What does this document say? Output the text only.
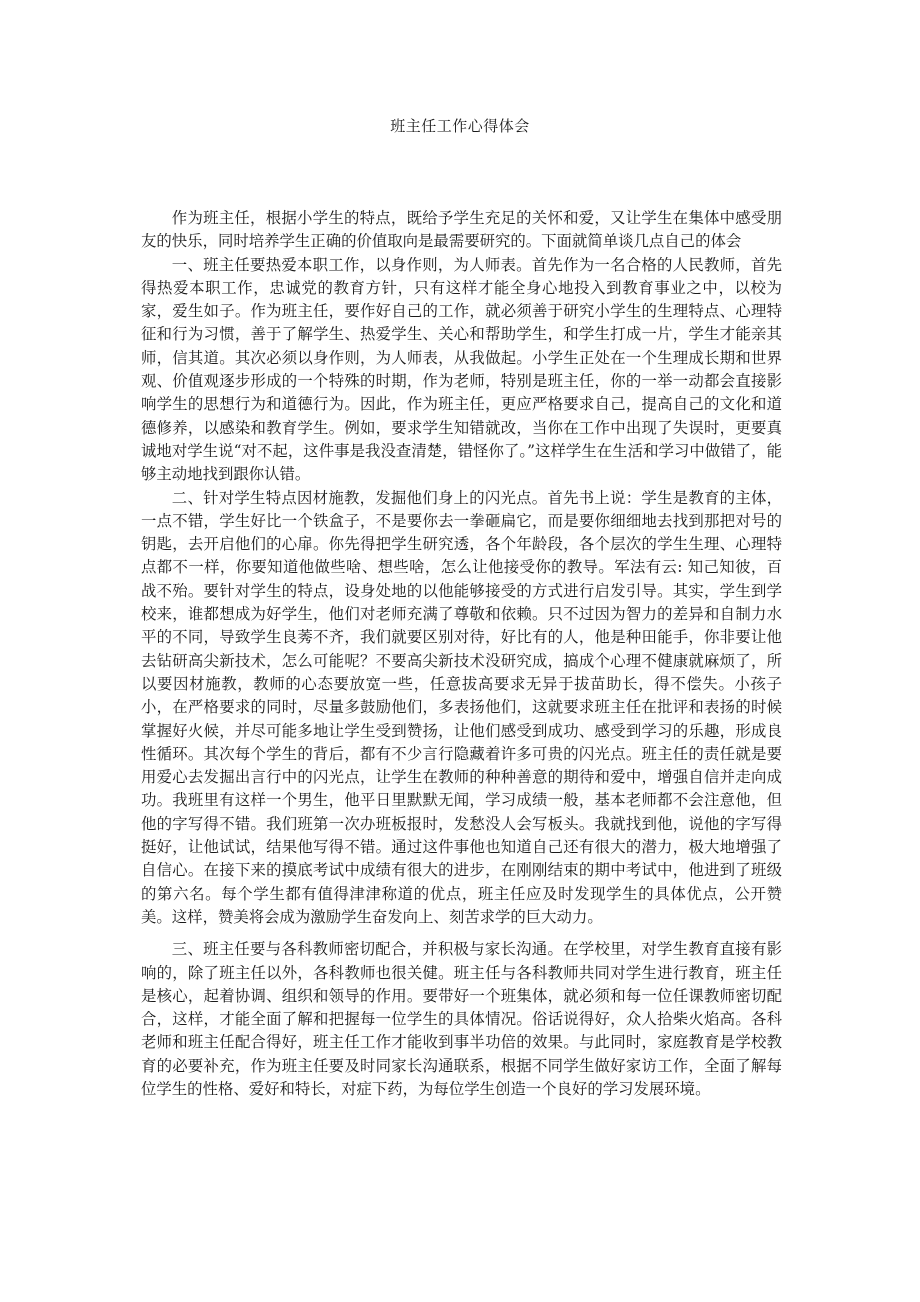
班主任工作心得体会

作为班主任，根据小学生的特点，既给予学生充足的关怀和爱，又让学生在集体中感受朋友的快乐，同时培养学生正确的价值取向是最需要研究的。下面就简单谈几点自己的体会

一、班主任要热爱本职工作，以身作则，为人师表。首先作为一名合格的人民教师，首先得热爱本职工作，忠诚党的教育方针，只有这样才能全身心地投入到教育事业之中，以校为家，爱生如子。作为班主任，要作好自己的工作，就必须善于研究小学生的生理特点、心理特征和行为习惯，善于了解学生、热爱学生、关心和帮助学生，和学生打成一片，学生才能亲其师，信其道。其次必须以身作则，为人师表，从我做起。小学生正处在一个生理成长期和世界观、价值观逐步形成的一个特殊的时期，作为老师，特别是班主任，你的一举一动都会直接影响学生的思想行为和道德行为。因此，作为班主任，更应严格要求自己，提高自己的文化和道德修养，以感染和教育学生。例如，要求学生知错就改，当你在工作中出现了失误时，更要真诚地对学生说“对不起，这件事是我没查清楚，错怪你了。”这样学生在生活和学习中做错了，能够主动地找到跟你认错。

二、针对学生特点因材施教，发掘他们身上的闪光点。首先书上说：学生是教育的主体，一点不错，学生好比一个铁盒子，不是要你去一拳砸扁它，而是要你细细地去找到那把对号的钥匙，去开启他们的心扉。你先得把学生研究透，各个年龄段，各个层次的学生生理、心理特点都不一样，你要知道他做些啥、想些啥，怎么让他接受你的教导。军法有云: 知己知彼，百战不殆。要针对学生的特点，设身处地的以他能够接受的方式进行启发引导。其实，学生到学校来，谁都想成为好学生，他们对老师充满了尊敬和依赖。只不过因为智力的差异和自制力水平的不同，导致学生良莠不齐，我们就要区别对待，好比有的人，他是种田能手，你非要让他去钻研高尖新技术，怎么可能呢？不要高尖新技术没研究成，搞成个心理不健康就麻烦了，所以要因材施教，教师的心态要放宽一些，任意拔高要求无异于拔苗助长，得不偿失。小孩子小，在严格要求的同时，尽量多鼓励他们，多表扬他们，这就要求班主任在批评和表扬的时候掌握好火候，并尽可能多地让学生受到赞扬，让他们感受到成功、感受到学习的乐趣，形成良性循环。其次每个学生的背后，都有不少言行隐藏着许多可贵的闪光点。班主任的责任就是要用爱心去发掘出言行中的闪光点，让学生在教师的种种善意的期待和爱中，增强自信并走向成功。我班里有这样一个男生，他平日里默默无闻，学习成绩一般，基本老师都不会注意他，但他的字写得不错。我们班第一次办班板报时，发愁没人会写板头。我就找到他，说他的字写得挺好，让他试试，结果他写得不错。通过这件事他也知道自己还有很大的潜力，极大地增强了自信心。在接下来的摸底考试中成绩有很大的进步，在刚刚结束的期中考试中，他进到了班级的第六名。每个学生都有值得津津称道的优点，班主任应及时发现学生的具体优点，公开赞美。这样，赞美将会成为激励学生奋发向上、刻苦求学的巨大动力。

三、班主任要与各科教师密切配合，并积极与家长沟通。在学校里，对学生教育直接有影响的，除了班主任以外，各科教师也很关健。班主任与各科教师共同对学生进行教育，班主任是核心，起着协调、组织和领导的作用。要带好一个班集体，就必须和每一位任课教师密切配合，这样，才能全面了解和把握每一位学生的具体情况。俗话说得好，众人拾柴火焰高。各科老师和班主任配合得好，班主任工作才能收到事半功倍的效果。与此同时，家庭教育是学校教育的必要补充，作为班主任要及时同家长沟通联系，根据不同学生做好家访工作，全面了解每位学生的性格、爱好和特长，对症下药，为每位学生创造一个良好的学习发展环境。
